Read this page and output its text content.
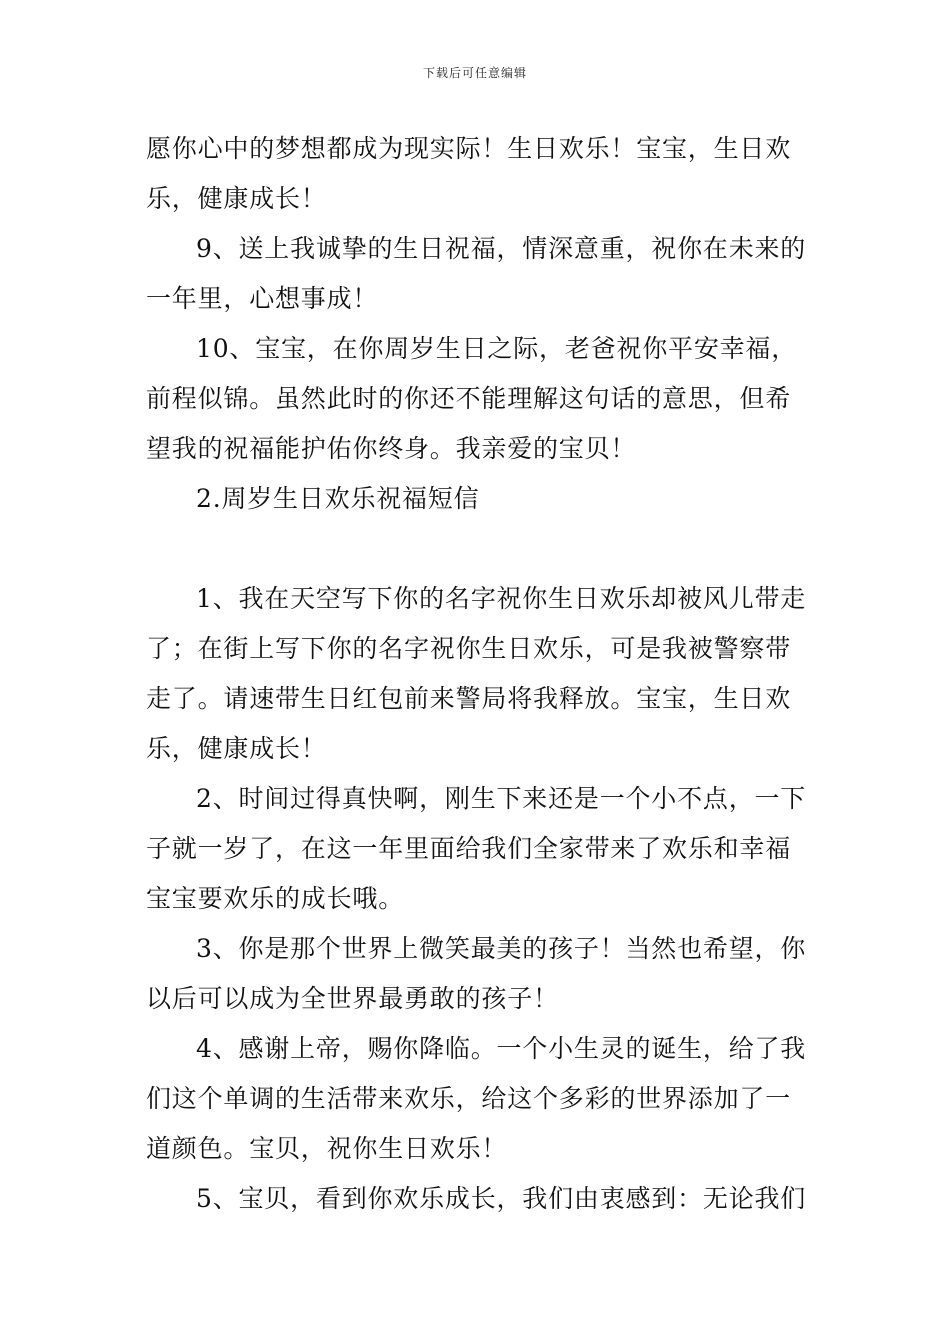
下载后可任意编辑

愿你心中的梦想都成为现实际！生日欢乐！宝宝，生日欢乐，健康成长！

9、送上我诚挚的生日祝福，情深意重，祝你在未来的一年里，心想事成！

10、宝宝，在你周岁生日之际，老爸祝你平安幸福，前程似锦。虽然此时的你还不能理解这句话的意思，但希望我的祝福能护佑你终身。我亲爱的宝贝！

2.周岁生日欢乐祝福短信

1、我在天空写下你的名字祝你生日欢乐却被风儿带走了；在街上写下你的名字祝你生日欢乐，可是我被警察带走了。请速带生日红包前来警局将我释放。宝宝，生日欢乐，健康成长！

2、时间过得真快啊，刚生下来还是一个小不点，一下子就一岁了，在这一年里面给我们全家带来了欢乐和幸福宝宝要欢乐的成长哦。

3、你是那个世界上微笑最美的孩子！当然也希望，你以后可以成为全世界最勇敢的孩子！

4、感谢上帝，赐你降临。一个小生灵的诞生，给了我们这个单调的生活带来欢乐，给这个多彩的世界添加了一道颜色。宝贝，祝你生日欢乐！

5、宝贝，看到你欢乐成长，我们由衷感到：无论我们
